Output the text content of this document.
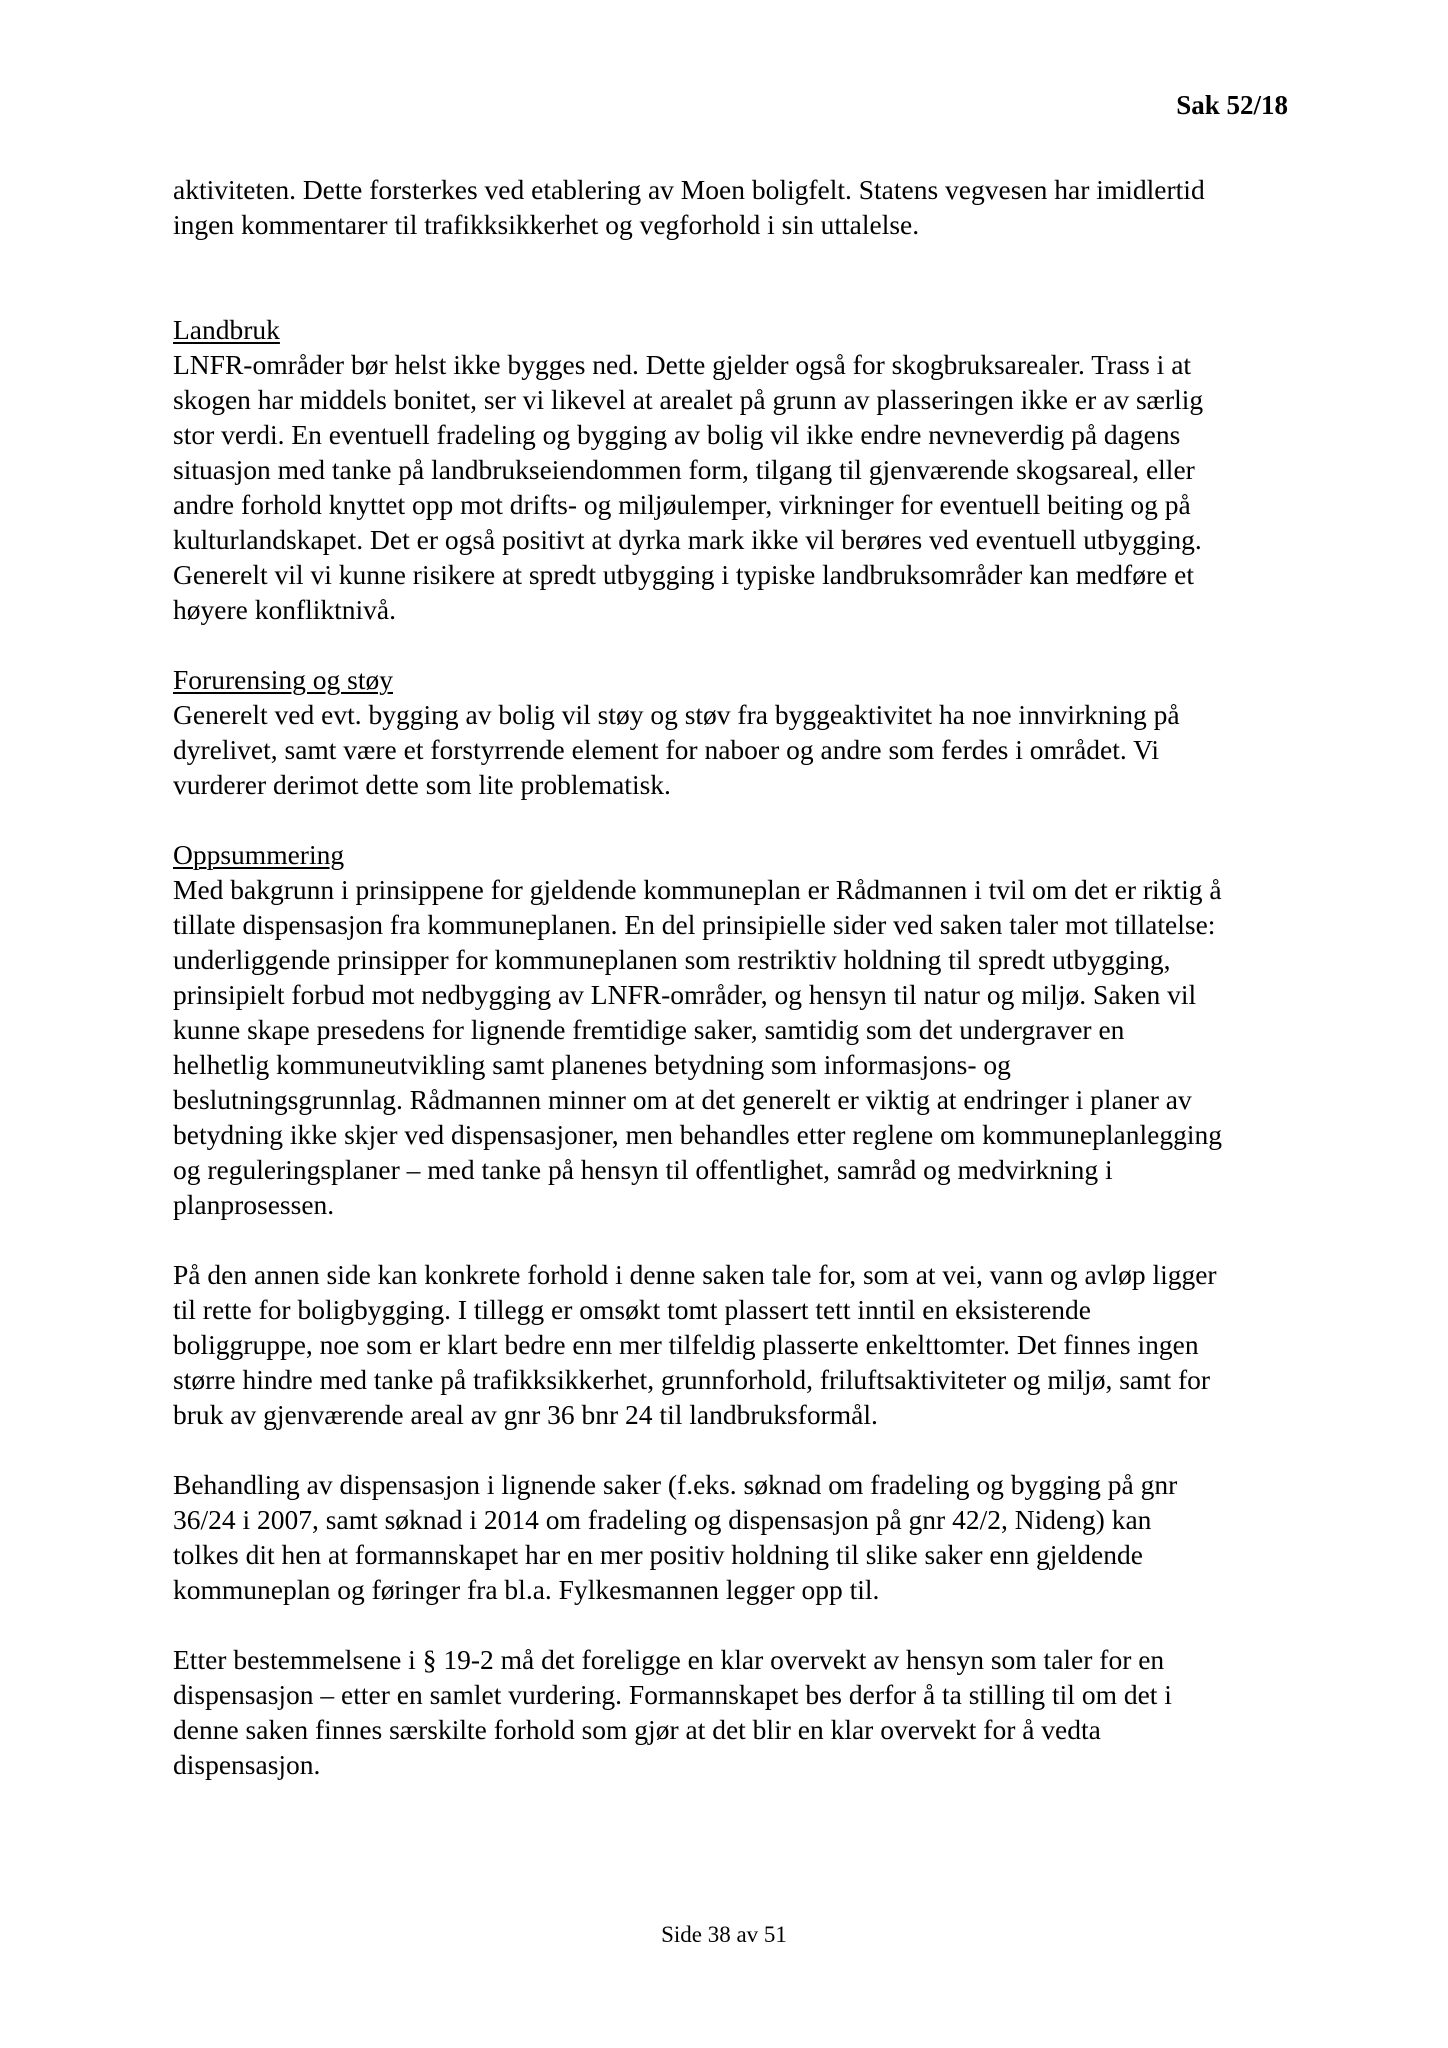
Sak 52/18

aktiviteten. Dette forsterkes ved etablering av Moen boligfelt. Statens vegvesen har imidlertid

ingen kommentarer til trafikksikkerhet og vegforhold i sin uttalelse.

Landbruk

LNFR-områder bør helst ikke bygges ned. Dette gjelder også for skogbruksarealer. Trass i at

skogen har middels bonitet, ser vi likevel at arealet på grunn av plasseringen ikke er av særlig

stor verdi. En eventuell fradeling og bygging av bolig vil ikke endre nevneverdig på dagens

situasjon med tanke på landbrukseiendommen form, tilgang til gjenværende skogsareal, eller

andre forhold knyttet opp mot drifts- og miljøulemper, virkninger for eventuell beiting og på

kulturlandskapet. Det er også positivt at dyrka mark ikke vil berøres ved eventuell utbygging.

Generelt vil vi kunne risikere at spredt utbygging i typiske landbruksområder kan medføre et

høyere konfliktnivå.

Forurensing og støy

Generelt ved evt. bygging av bolig vil støy og støv fra byggeaktivitet ha noe innvirkning på

dyrelivet, samt være et forstyrrende element for naboer og andre som ferdes i området. Vi

vurderer derimot dette som lite problematisk.

Oppsummering

Med bakgrunn i prinsippene for gjeldende kommuneplan er Rådmannen i tvil om det er riktig å

tillate dispensasjon fra kommuneplanen. En del prinsipielle sider ved saken taler mot tillatelse:

underliggende prinsipper for kommuneplanen som restriktiv holdning til spredt utbygging,

prinsipielt forbud mot nedbygging av LNFR-områder, og hensyn til natur og miljø. Saken vil

kunne skape presedens for lignende fremtidige saker, samtidig som det undergraver en

helhetlig kommuneutvikling samt planenes betydning som informasjons- og

beslutningsgrunnlag. Rådmannen minner om at det generelt er viktig at endringer i planer av

betydning ikke skjer ved dispensasjoner, men behandles etter reglene om kommuneplanlegging

og reguleringsplaner – med tanke på hensyn til offentlighet, samråd og medvirkning i

planprosessen.

På den annen side kan konkrete forhold i denne saken tale for, som at vei, vann og avløp ligger

til rette for boligbygging. I tillegg er omsøkt tomt plassert tett inntil en eksisterende

boliggruppe, noe som er klart bedre enn mer tilfeldig plasserte enkelttomter. Det finnes ingen

større hindre med tanke på trafikksikkerhet, grunnforhold, friluftsaktiviteter og miljø, samt for

bruk av gjenværende areal av gnr 36 bnr 24 til landbruksformål.

Behandling av dispensasjon i lignende saker (f.eks. søknad om fradeling og bygging på gnr

36/24 i 2007, samt søknad i 2014 om fradeling og dispensasjon på gnr 42/2, Nideng) kan

tolkes dit hen at formannskapet har en mer positiv holdning til slike saker enn gjeldende

kommuneplan og føringer fra bl.a. Fylkesmannen legger opp til.

Etter bestemmelsene i § 19-2 må det foreligge en klar overvekt av hensyn som taler for en

dispensasjon – etter en samlet vurdering. Formannskapet bes derfor å ta stilling til om det i

denne saken finnes særskilte forhold som gjør at det blir en klar overvekt for å vedta

dispensasjon.

Side 38 av 51
